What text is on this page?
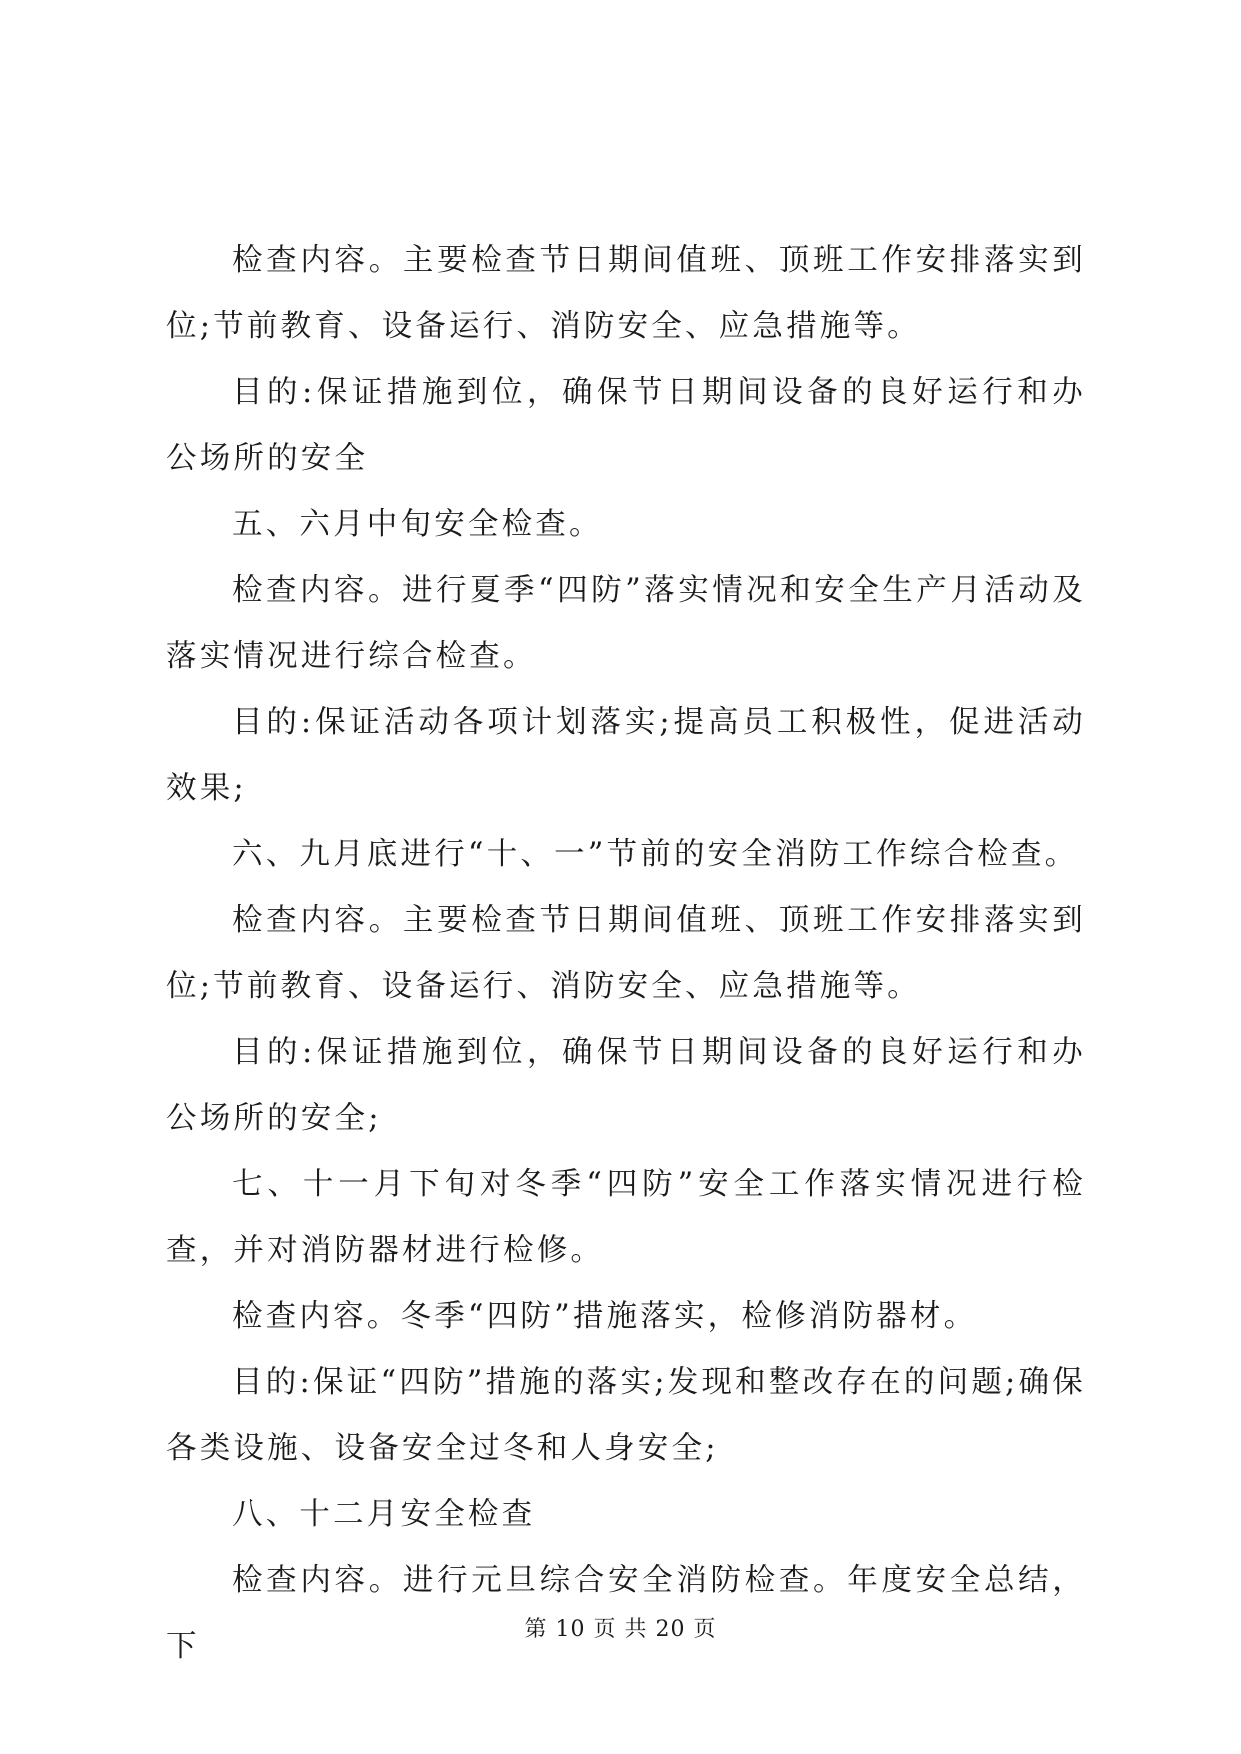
检查内容。主要检查节日期间值班、顶班工作安排落实到位;节前教育、设备运行、消防安全、应急措施等。

目的:保证措施到位，确保节日期间设备的良好运行和办公场所的安全

五、六月中旬安全检查。

检查内容。进行夏季“四防”落实情况和安全生产月活动及落实情况进行综合检查。

目的:保证活动各项计划落实;提高员工积极性，促进活动效果;

六、九月底进行“十、一”节前的安全消防工作综合检查。

检查内容。主要检查节日期间值班、顶班工作安排落实到位;节前教育、设备运行、消防安全、应急措施等。

目的:保证措施到位，确保节日期间设备的良好运行和办公场所的安全;

七、十一月下旬对冬季“四防”安全工作落实情况进行检查，并对消防器材进行检修。

检查内容。冬季“四防”措施落实，检修消防器材。

目的:保证“四防”措施的落实;发现和整改存在的问题;确保各类设施、设备安全过冬和人身安全;

八、十二月安全检查

检查内容。进行元旦综合安全消防检查。年度安全总结，下	第 10 页 共 20 页
